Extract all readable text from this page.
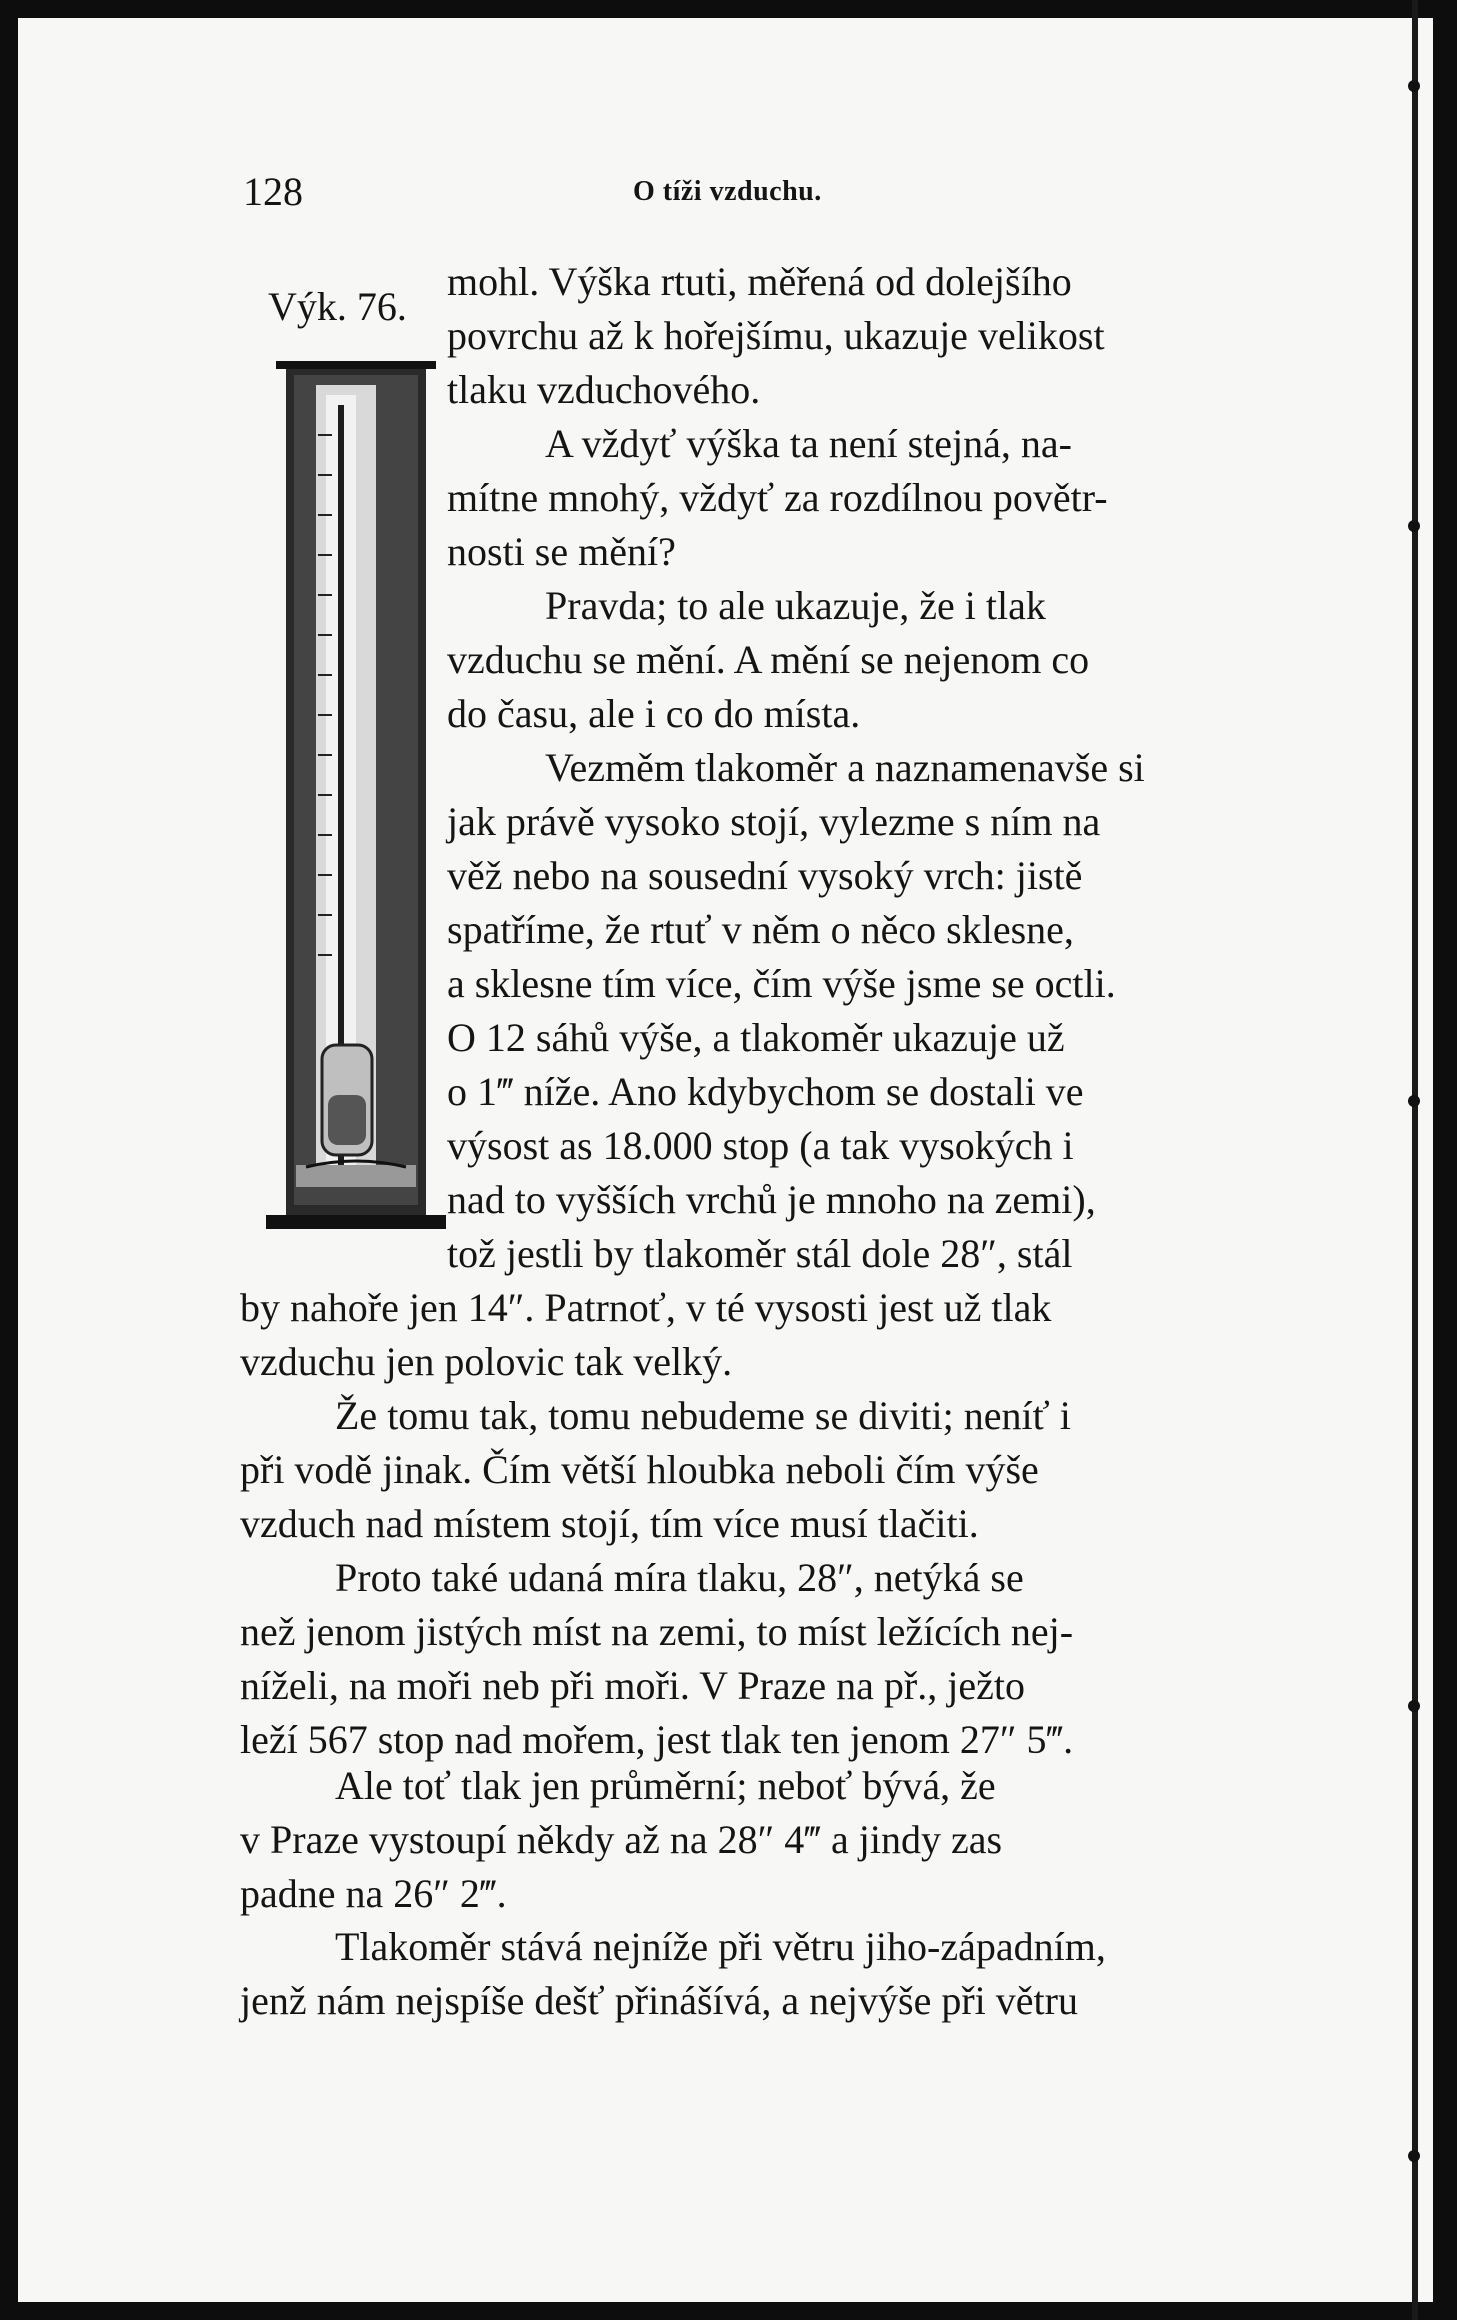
128	O tíži vzduchu.
Výk. 76.
mohl. Výška rtuti, měřená od dolejšího
povrchu až k hořejšímu, ukazuje velikost
tlaku vzduchového.
A vždyť výška ta není stejná, na-
mítne mnohý, vždyť za rozdílnou povětr-
nosti se mění?
Pravda; to ale ukazuje, že i tlak
vzduchu se mění. A mění se nejenom co
do času, ale i co do místa.
Vezměm tlakoměr a naznamenavše si
jak právě vysoko stojí, vylezme s ním na
věž nebo na sousední vysoký vrch: jistě
spatříme, že rtuť v něm o něco sklesne,
a sklesne tím více, čím výše jsme se octli.
O 12 sáhů výše, a tlakoměr ukazuje už
o 1‴ níže. Ano kdybychom se dostali ve
výsost as 18.000 stop (a tak vysokých i
nad to vyšších vrchů je mnoho na zemi),
tož jestli by tlakoměr stál dole 28″, stál
by nahoře jen 14″. Patrnoť, v té vysosti jest už tlak
vzduchu jen polovic tak velký.
Že tomu tak, tomu nebudeme se diviti; neníť i
při vodě jinak. Čím větší hloubka neboli čím výše
vzduch nad místem stojí, tím více musí tlačiti.
Proto také udaná míra tlaku, 28″, netýká se
než jenom jistých míst na zemi, to míst ležících nej-
níželi, na moři neb při moři. V Praze na př., ježto
leží 567 stop nad mořem, jest tlak ten jenom 27″ 5‴.
Ale toť tlak jen průměrní; neboť bývá, že
v Praze vystoupí někdy až na 28″ 4‴ a jindy zas
padne na 26″ 2‴.
Tlakoměr stává nejníže při větru jiho-západním,
jenž nám nejspíše dešť přinášívá, a nejvýše při větru
